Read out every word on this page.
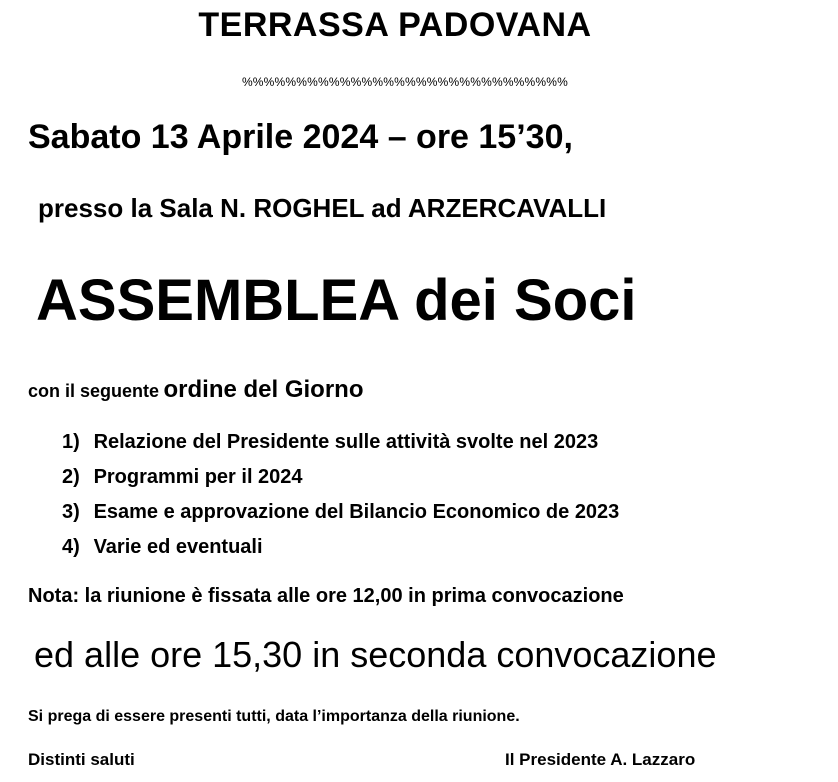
TERRASSA PADOVANA
%%%%%%%%%%%%%%%%%%%%%%%%%%%%%%
Sabato 13 Aprile 2024 – ore 15’30,
presso la Sala N. ROGHEL ad ARZERCAVALLI
ASSEMBLEA dei Soci
con il seguente ordine del Giorno
1) Relazione del Presidente sulle attività svolte nel 2023
2) Programmi per il 2024
3) Esame e approvazione del Bilancio Economico de 2023
4) Varie ed eventuali
Nota: la riunione è fissata alle ore 12,00 in prima convocazione
ed alle ore 15,30 in seconda convocazione
Si prega di essere presenti tutti, data l’importanza della riunione.
Distinti saluti	Il Presidente A. Lazzaro
